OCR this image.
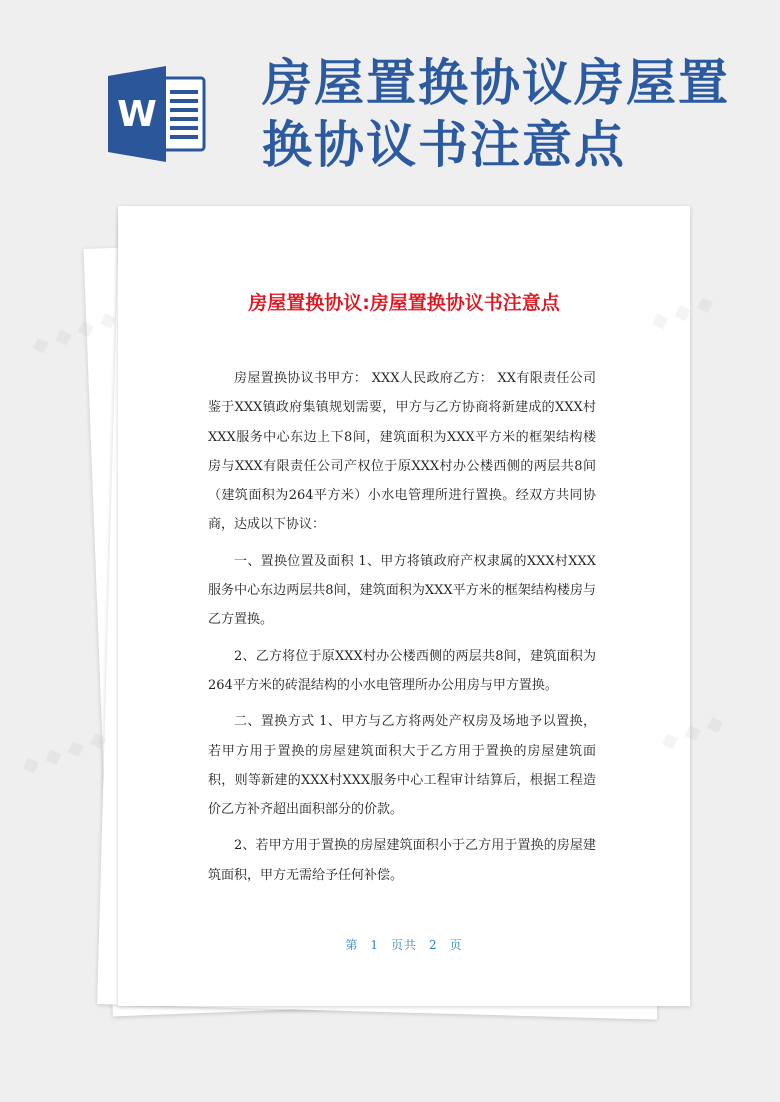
W
房屋置换协议房屋置换协议书注意点
房屋置换协议:房屋置换协议书注意点

房屋置换协议书甲方： XXX人民政府乙方： XX有限责任公司鉴于XXX镇政府集镇规划需要，甲方与乙方协商将新建成的XXX村XXX服务中心东边上下8间，建筑面积为XXX平方米的框架结构楼房与XXX有限责任公司产权位于原XXX村办公楼西侧的两层共8间（建筑面积为264平方米）小水电管理所进行置换。经双方共同协商，达成以下协议：

一、置换位置及面积 1、甲方将镇政府产权隶属的XXX村XXX服务中心东边两层共8间，建筑面积为XXX平方米的框架结构楼房与乙方置换。

2、乙方将位于原XXX村办公楼西侧的两层共8间，建筑面积为264平方米的砖混结构的小水电管理所办公用房与甲方置换。

二、置换方式 1、甲方与乙方将两处产权房及场地予以置换，若甲方用于置换的房屋建筑面积大于乙方用于置换的房屋建筑面积，则等新建的XXX村XXX服务中心工程审计结算后，根据工程造价乙方补齐超出面积部分的价款。

2、若甲方用于置换的房屋建筑面积小于乙方用于置换的房屋建筑面积，甲方无需给予任何补偿。

第 1 页共 2 页
◆ ◆ ◆ ◆
◆
◆ ◆ ◆ ◆	◆ ◆ ◆
